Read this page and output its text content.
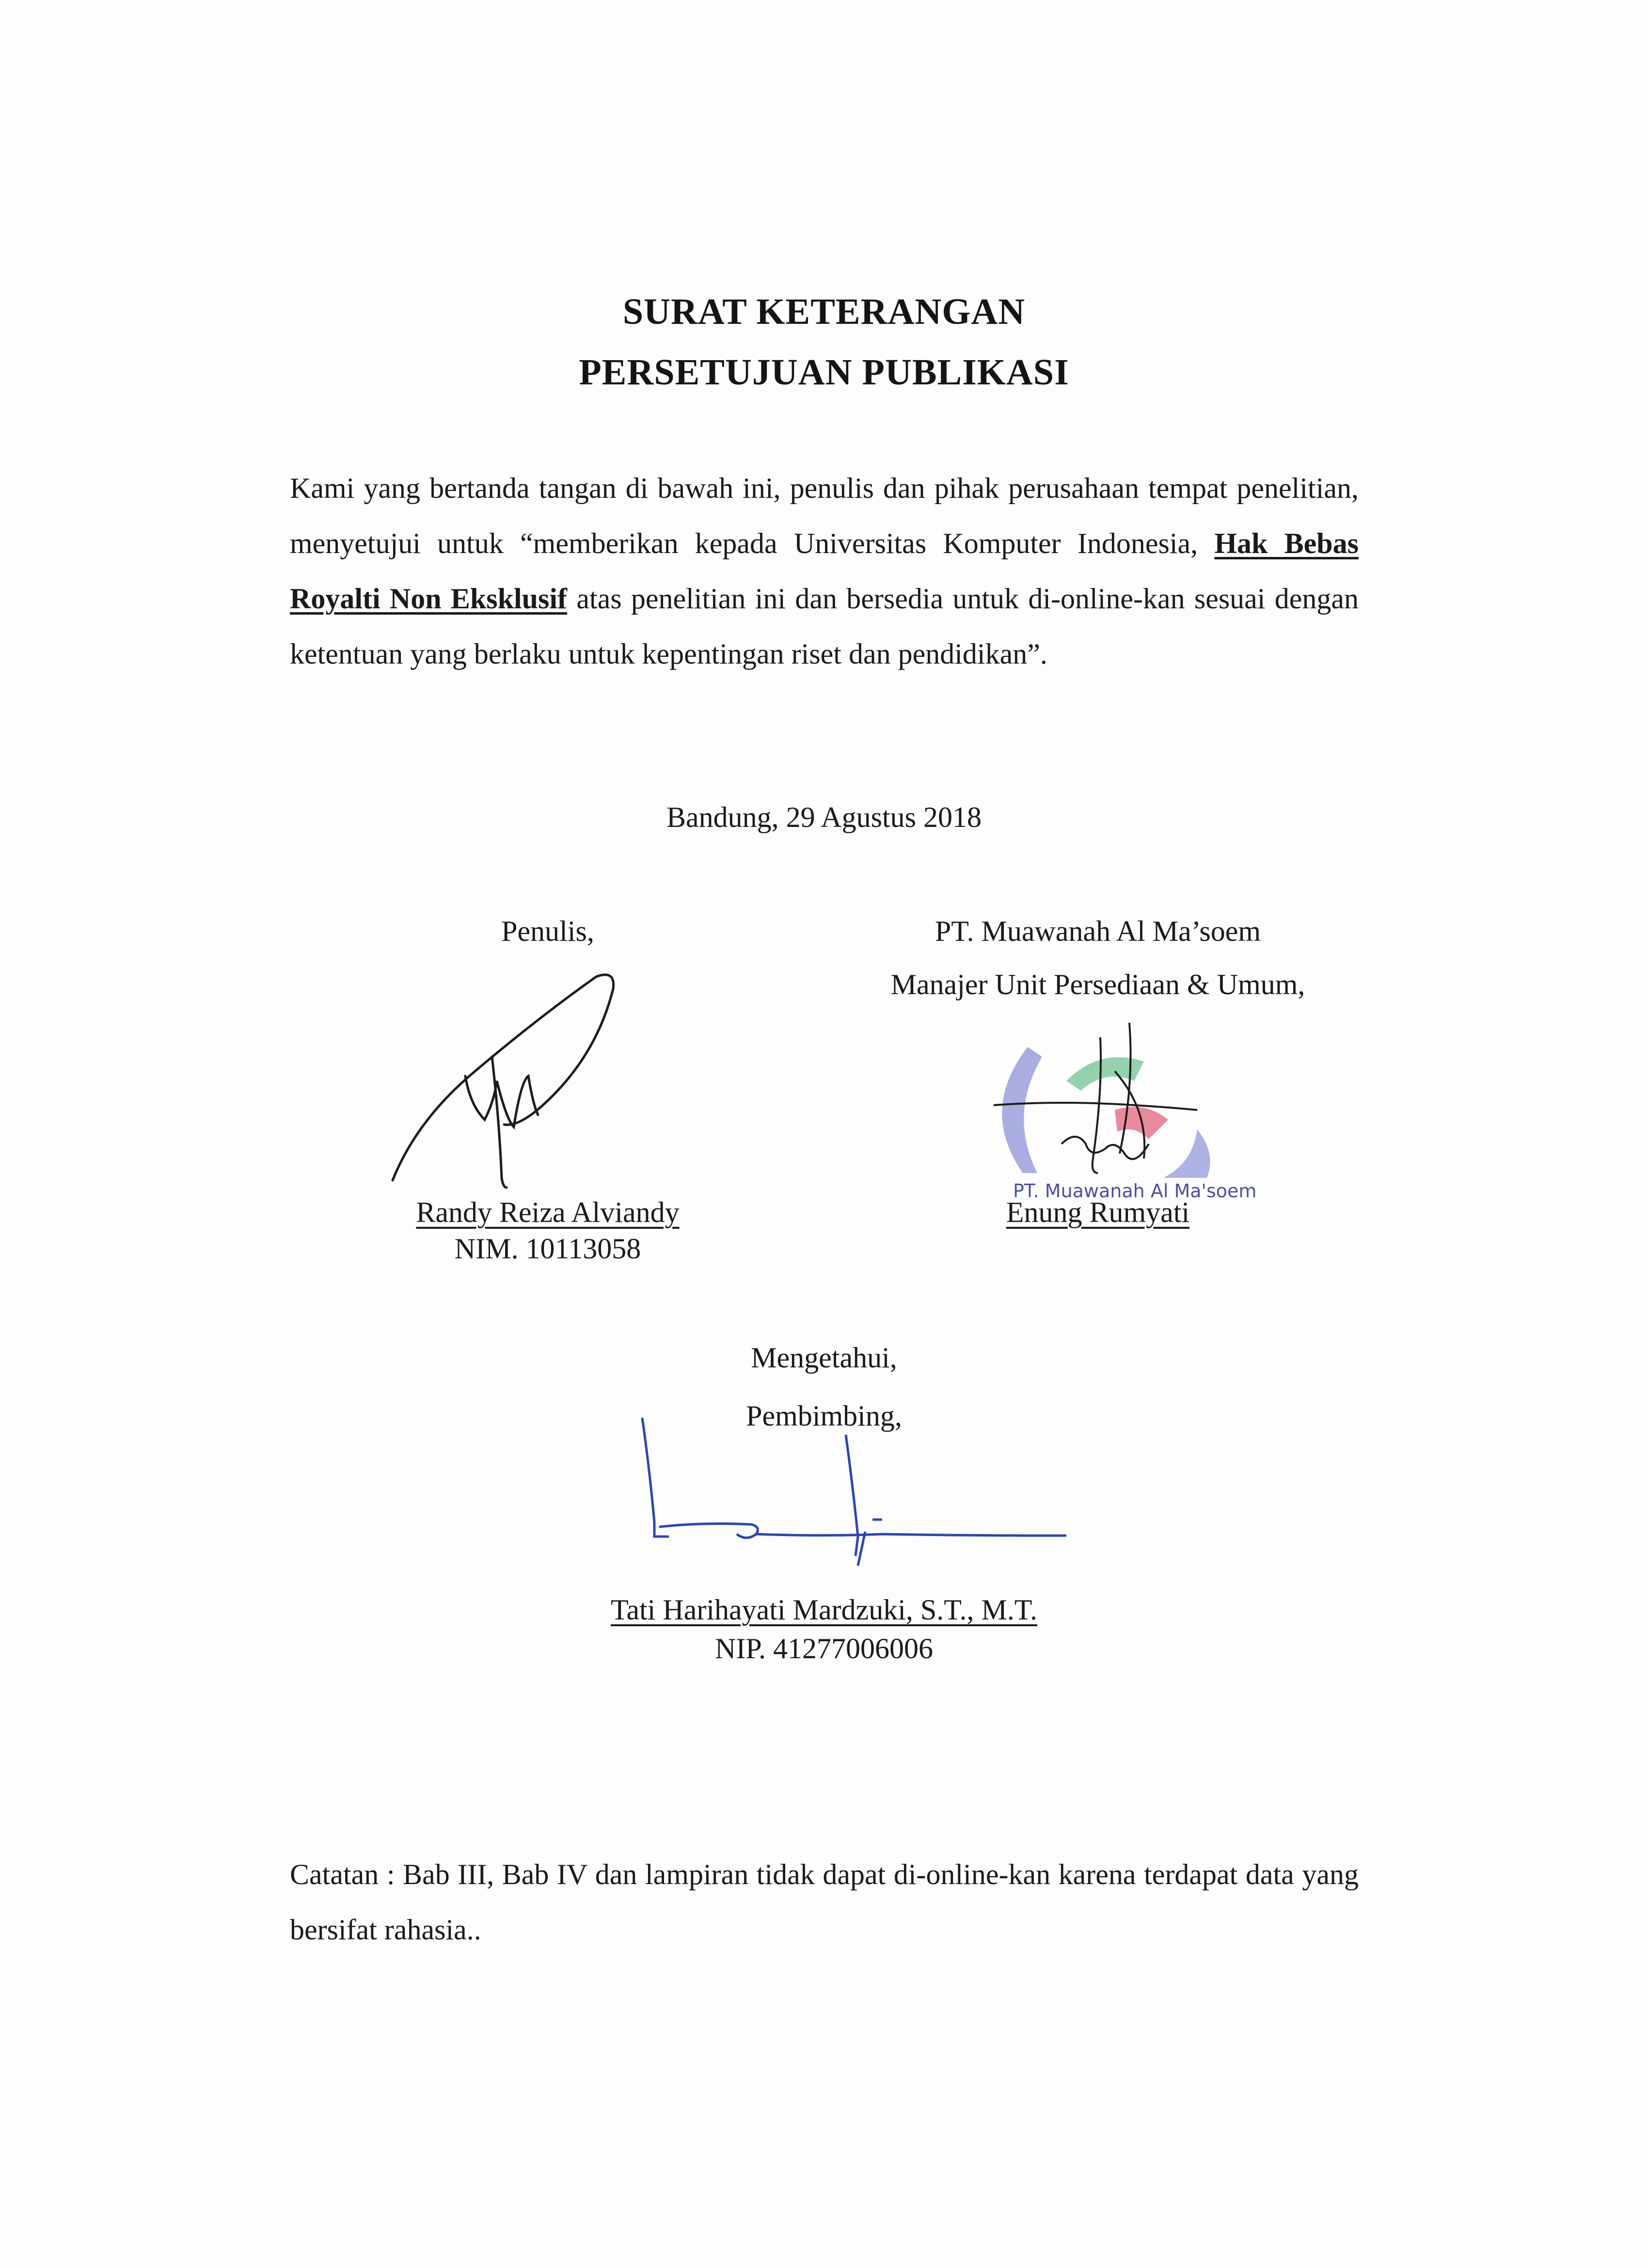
SURAT KETERANGAN
PERSETUJUAN PUBLIKASI
Kami yang bertanda tangan di bawah ini, penulis dan pihak perusahaan tempat penelitian, menyetujui untuk “memberikan kepada Universitas Komputer Indonesia, Hak Bebas Royalti Non Eksklusif atas penelitian ini dan bersedia untuk di-online-kan sesuai dengan ketentuan yang berlaku untuk kepentingan riset dan pendidikan”.
Bandung, 29 Agustus 2018
Penulis,
Randy Reiza Alviandy
NIM. 10113058
PT. Muawanah Al Ma’soem
Manajer Unit Persediaan & Umum,
PT. Muawanah Al Ma'soem
Enung Rumyati
Mengetahui,
Pembimbing,
Tati Harihayati Mardzuki, S.T., M.T.
NIP. 41277006006
Catatan : Bab III, Bab IV dan lampiran tidak dapat di-online-kan karena terdapat data yang bersifat rahasia..
